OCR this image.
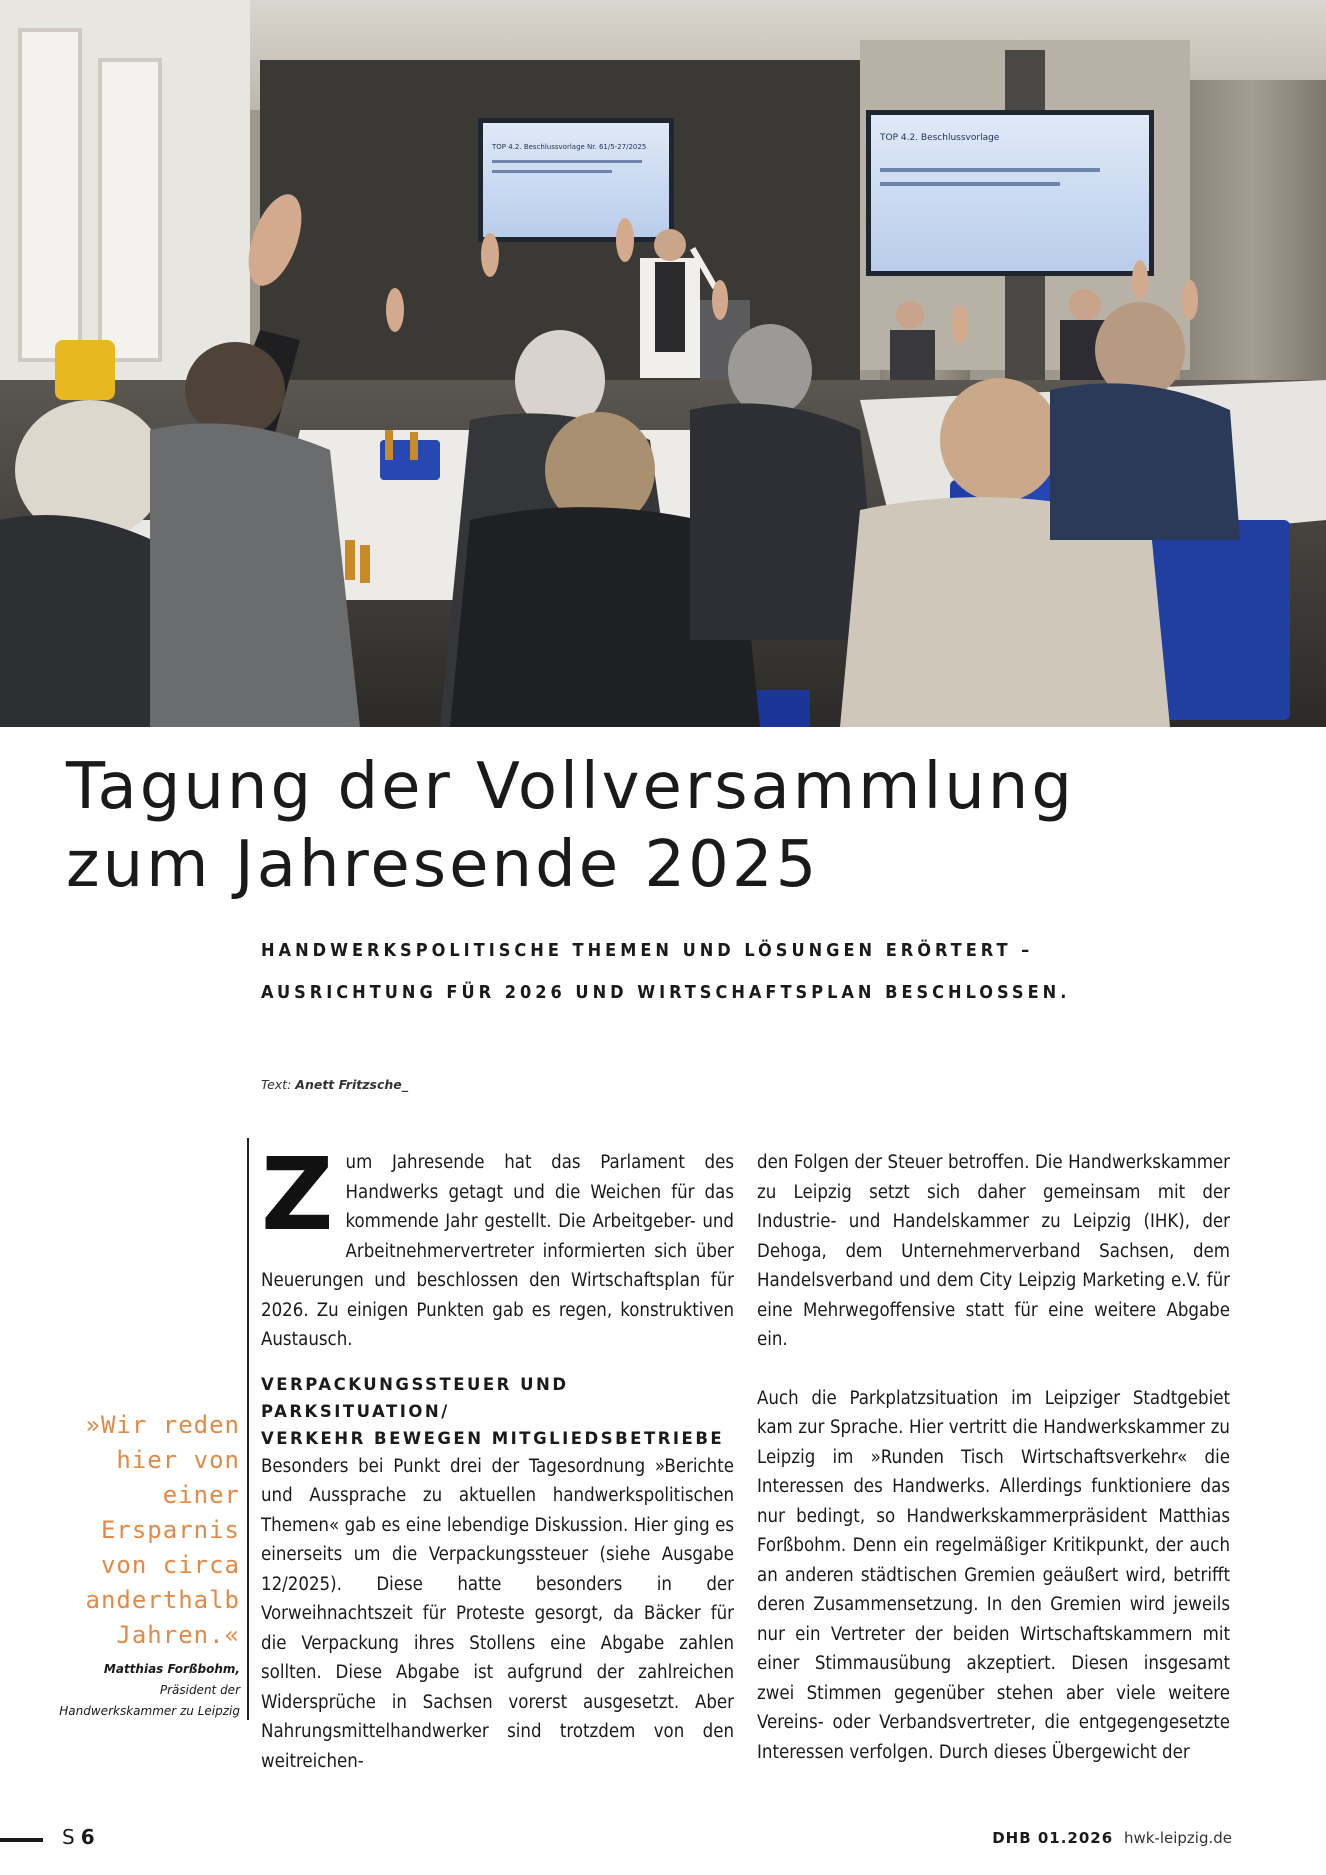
TOP 4.2. Beschlussvorlage Nr. 61/5-27/2025
TOP 4.2. Beschlussvorlage
Tagung der Vollversammlung
zum Jahresende 2025
HANDWERKSPOLITISCHE THEMEN UND LÖSUNGEN ERÖRTERT –
AUSRICHTUNG FÜR 2026 UND WIRTSCHAFTSPLAN BESCHLOSSEN.
Text: Anett Fritzsche_
»Wir reden hier von einer Ersparnis von circa anderthalb Jahren.«
Matthias Forßbohm,
Präsident der Handwerkskammer zu Leipzig
Z um Jahresende hat das Parlament des Handwerks getagt und die Weichen für das kommende Jahr gestellt. Die Arbeitgeber- und Arbeitnehmervertreter informierten sich über Neuerungen und beschlossen den Wirtschaftsplan für 2026. Zu einigen Punkten gab es regen, konstruktiven Austausch.

VERPACKUNGSSTEUER UND PARKSITUATION/
VERKEHR BEWEGEN MITGLIEDSBETRIEBE

Besonders bei Punkt drei der Tagesordnung »Berichte und Aussprache zu aktuellen handwerkspolitischen Themen« gab es eine lebendige Diskussion. Hier ging es einerseits um die Verpackungssteuer (siehe Ausgabe 12/2025). Diese hatte besonders in der Vorweihnachtszeit für Proteste gesorgt, da Bäcker für die Verpackung ihres Stollens eine Abgabe zahlen sollten. Diese Abgabe ist aufgrund der zahlreichen Widersprüche in Sachsen vorerst ausgesetzt. Aber Nahrungsmittelhandwerker sind trotzdem von den weitreichen-

den Folgen der Steuer betroffen. Die Handwerkskammer zu Leipzig setzt sich daher gemeinsam mit der Industrie- und Handelskammer zu Leipzig (IHK), der Dehoga, dem Unternehmerverband Sachsen, dem Handelsverband und dem City Leipzig Marketing e.V. für eine Mehrwegoffensive statt für eine weitere Abgabe ein.

Auch die Parkplatzsituation im Leipziger Stadtgebiet kam zur Sprache. Hier vertritt die Handwerkskammer zu Leipzig im »Runden Tisch Wirtschaftsverkehr« die Interessen des Handwerks. Allerdings funktioniere das nur bedingt, so Handwerkskammerpräsident Matthias Forßbohm. Denn ein regelmäßiger Kritikpunkt, der auch an anderen städtischen Gremien geäußert wird, betrifft deren Zusammensetzung. In den Gremien wird jeweils nur ein Vertreter der beiden Wirtschaftskammern mit einer Stimmausübung akzeptiert. Diesen insgesamt zwei Stimmen gegenüber stehen aber viele weitere Vereins- oder Verbandsvertreter, die entgegengesetzte Interessen verfolgen. Durch dieses Übergewicht der

S 6	DHB 01.2026 hwk-leipzig.de
